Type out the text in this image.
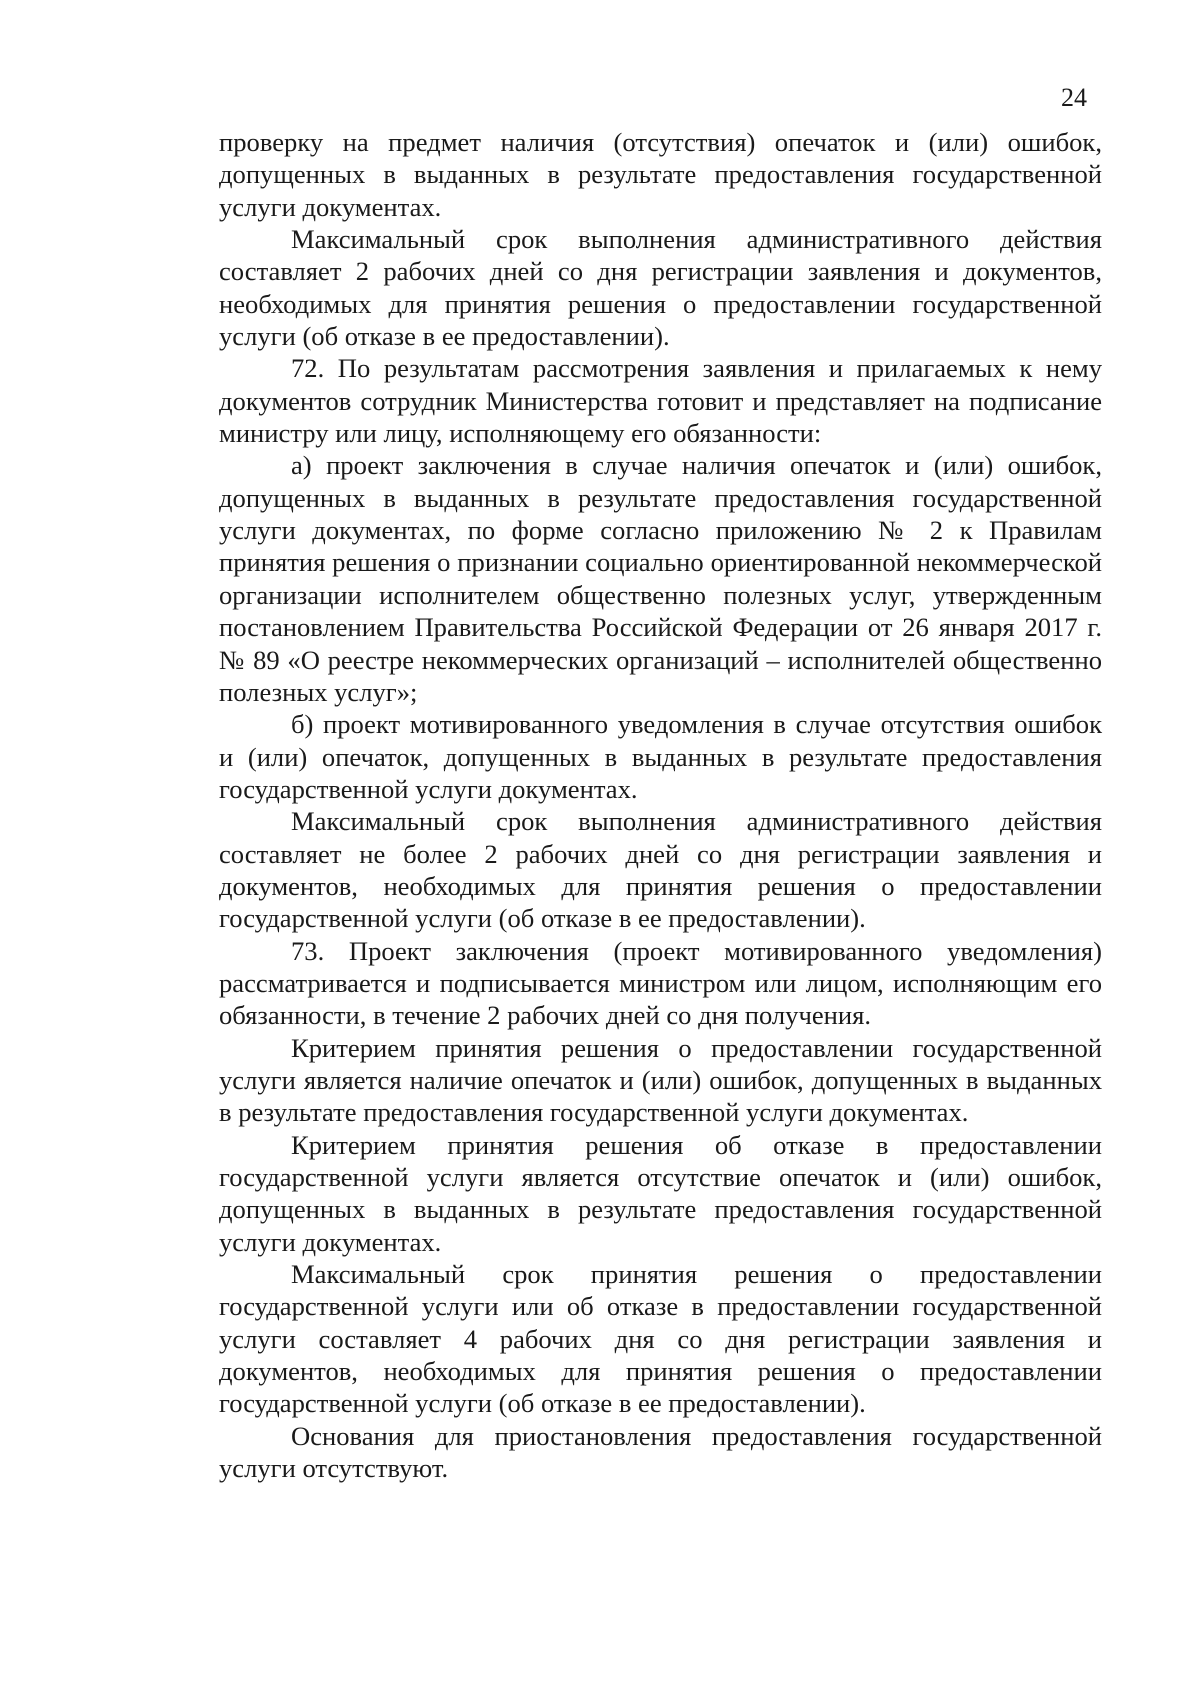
24

проверку на предмет наличия (отсутствия) опечаток и (или) ошибок, допущенных в выданных в результате предоставления государственной услуги документах.

Максимальный срок выполнения административного действия составляет 2 рабочих дней со дня регистрации заявления и документов, необходимых для принятия решения о предоставлении государственной услуги (об отказе в ее предоставлении).

72. По результатам рассмотрения заявления и прилагаемых к нему документов сотрудник Министерства готовит и представляет на подписание министру или лицу, исполняющему его обязанности:

а) проект заключения в случае наличия опечаток и (или) ошибок, допущенных в выданных в результате предоставления государственной услуги документах, по форме согласно приложению № 2 к Правилам принятия решения о признании социально ориентированной некоммерческой организации исполнителем общественно полезных услуг, утвержденным постановлением Правительства Российской Федерации от 26 января 2017 г. № 89 «О реестре некоммерческих организаций – исполнителей общественно полезных услуг»;

б) проект мотивированного уведомления в случае отсутствия ошибок и (или) опечаток, допущенных в выданных в результате предоставления государственной услуги документах.

Максимальный срок выполнения административного действия составляет не более 2 рабочих дней со дня регистрации заявления и документов, необходимых для принятия решения о предоставлении государственной услуги (об отказе в ее предоставлении).

73. Проект заключения (проект мотивированного уведомления) рассматривается и подписывается министром или лицом, исполняющим его обязанности, в течение 2 рабочих дней со дня получения.

Критерием принятия решения о предоставлении государственной услуги является наличие опечаток и (или) ошибок, допущенных в выданных в результате предоставления государственной услуги документах.

Критерием принятия решения об отказе в предоставлении государственной услуги является отсутствие опечаток и (или) ошибок, допущенных в выданных в результате предоставления государственной услуги документах.

Максимальный срок принятия решения о предоставлении государственной услуги или об отказе в предоставлении государственной услуги составляет 4 рабочих дня со дня регистрации заявления и документов, необходимых для принятия решения о предоставлении государственной услуги (об отказе в ее предоставлении).

Основания для приостановления предоставления государственной услуги отсутствуют.
